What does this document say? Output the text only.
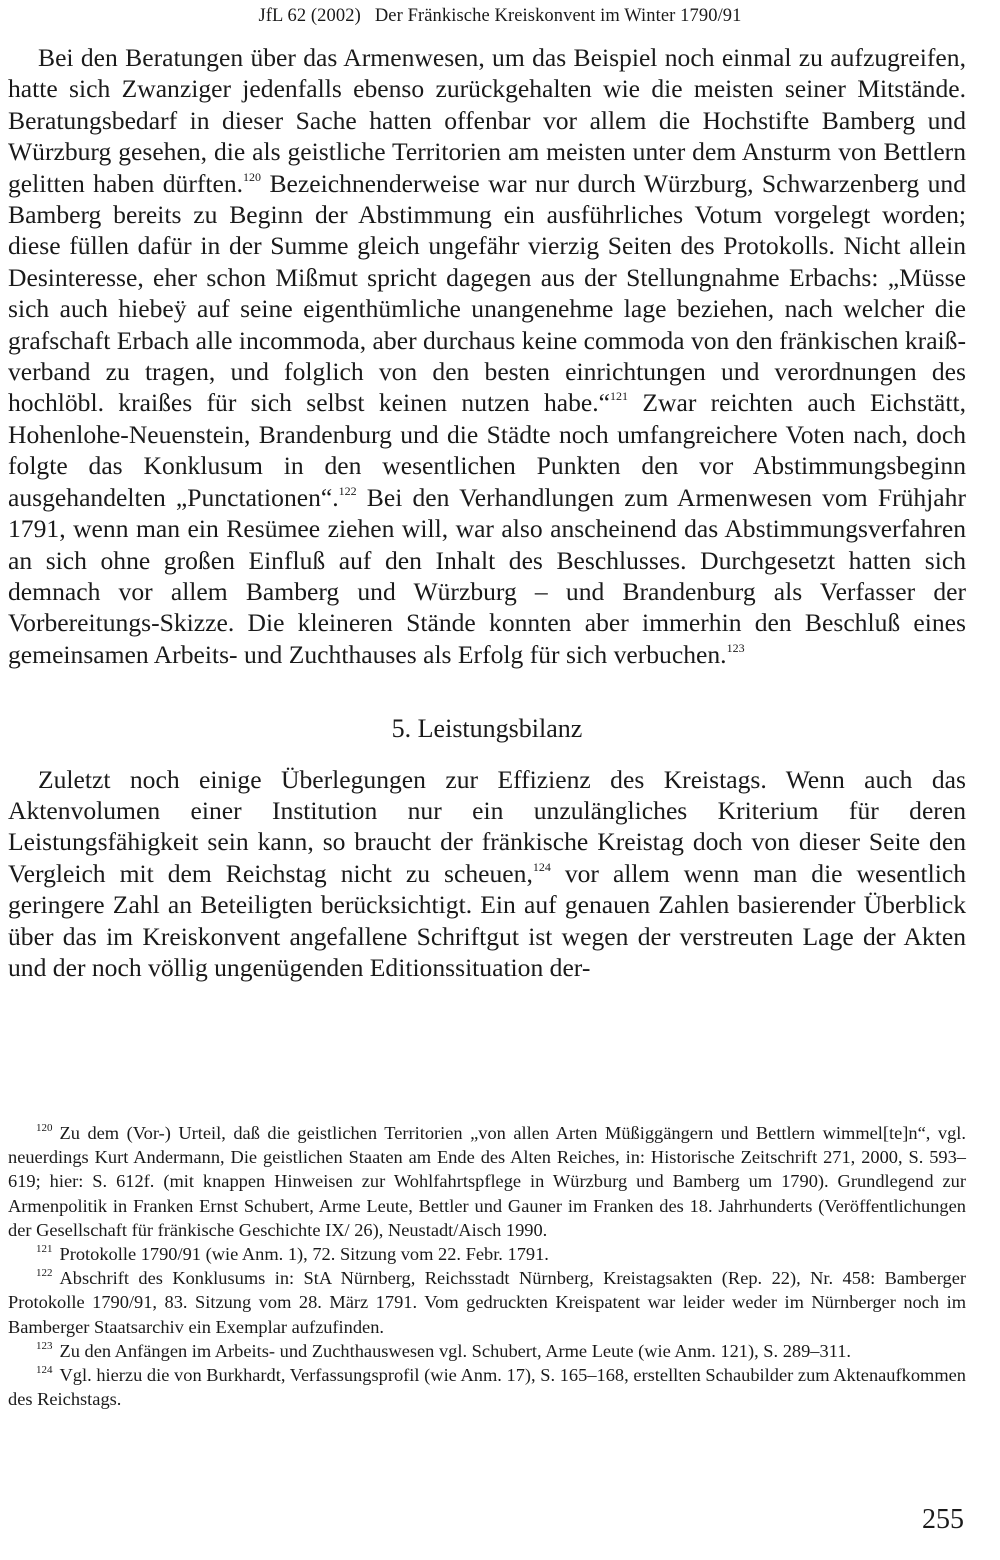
JfL 62 (2002) Der Fränkische Kreiskonvent im Winter 1790/91

Bei den Beratungen über das Armenwesen, um das Beispiel noch einmal zu aufzugreifen, hatte sich Zwanziger jedenfalls ebenso zurückgehalten wie die meisten seiner Mitstände. Beratungsbedarf in dieser Sache hatten offenbar vor allem die Hochstifte Bamberg und Würzburg gesehen, die als geistliche Territorien am meisten unter dem Ansturm von Bettlern gelitten haben dürften.$^{120}$ Bezeichnenderweise war nur durch Würzburg, Schwarzenberg und Bamberg bereits zu Beginn der Abstimmung ein ausführliches Votum vorgelegt worden; diese füllen dafür in der Summe gleich ungefähr vierzig Seiten des Protokolls. Nicht allein Desinteresse, eher schon Mißmut spricht dagegen aus der Stellungnahme Erbachs: „Müsse sich auch hiebeÿ auf seine eigenthümliche unangenehme lage beziehen, nach welcher die grafschaft Erbach alle incommoda, aber durchaus keine commoda von den fränkischen kraiß-verband zu tragen, und folglich von den besten einrichtungen und verordnungen des hochlöbl. kraißes für sich selbst keinen nutzen habe.“$^{121}$ Zwar reichten auch Eichstätt, Hohenlohe-Neuenstein, Brandenburg und die Städte noch umfangreichere Voten nach, doch folgte das Konklusum in den wesentlichen Punkten den vor Abstimmungsbeginn ausgehandelten „Punctationen“.$^{122}$ Bei den Verhandlungen zum Armenwesen vom Frühjahr 1791, wenn man ein Resümee ziehen will, war also anscheinend das Abstimmungsverfahren an sich ohne großen Einfluß auf den Inhalt des Beschlusses. Durchgesetzt hatten sich demnach vor allem Bamberg und Würzburg – und Brandenburg als Verfasser der Vorbereitungs-Skizze. Die kleineren Stände konnten aber immerhin den Beschluß eines gemeinsamen Arbeits- und Zuchthauses als Erfolg für sich verbuchen.$^{123}$

5. Leistungsbilanz

Zuletzt noch einige Überlegungen zur Effizienz des Kreistags. Wenn auch das Aktenvolumen einer Institution nur ein unzulängliches Kriterium für deren Leistungsfähigkeit sein kann, so braucht der fränkische Kreistag doch von dieser Seite den Vergleich mit dem Reichstag nicht zu scheuen,$^{124}$ vor allem wenn man die wesentlich geringere Zahl an Beteiligten berücksichtigt. Ein auf genauen Zahlen basierender Überblick über das im Kreiskonvent angefallene Schriftgut ist wegen der verstreuten Lage der Akten und der noch völlig ungenügenden Editionssituation der-

$^{120}$ Zu dem (Vor-) Urteil, daß die geistlichen Territorien „von allen Arten Müßiggängern und Bettlern wimmel[te]n“, vgl. neuerdings Kurt Andermann, Die geistlichen Staaten am Ende des Alten Reiches, in: Historische Zeitschrift 271, 2000, S. 593–619; hier: S. 612f. (mit knappen Hinweisen zur Wohlfahrtspflege in Würzburg und Bamberg um 1790). Grundlegend zur Armenpolitik in Franken Ernst Schubert, Arme Leute, Bettler und Gauner im Franken des 18. Jahrhunderts (Veröffentlichungen der Gesellschaft für fränkische Geschichte IX/ 26), Neustadt/Aisch 1990.

$^{121}$ Protokolle 1790/91 (wie Anm. 1), 72. Sitzung vom 22. Febr. 1791.

$^{122}$ Abschrift des Konklusums in: StA Nürnberg, Reichsstadt Nürnberg, Kreistagsakten (Rep. 22), Nr. 458: Bamberger Protokolle 1790/91, 83. Sitzung vom 28. März 1791. Vom gedruckten Kreispatent war leider weder im Nürnberger noch im Bamberger Staatsarchiv ein Exemplar aufzufinden.

$^{123}$ Zu den Anfängen im Arbeits- und Zuchthauswesen vgl. Schubert, Arme Leute (wie Anm. 121), S. 289–311.

$^{124}$ Vgl. hierzu die von Burkhardt, Verfassungsprofil (wie Anm. 17), S. 165–168, erstellten Schaubilder zum Aktenaufkommen des Reichstags.

255
